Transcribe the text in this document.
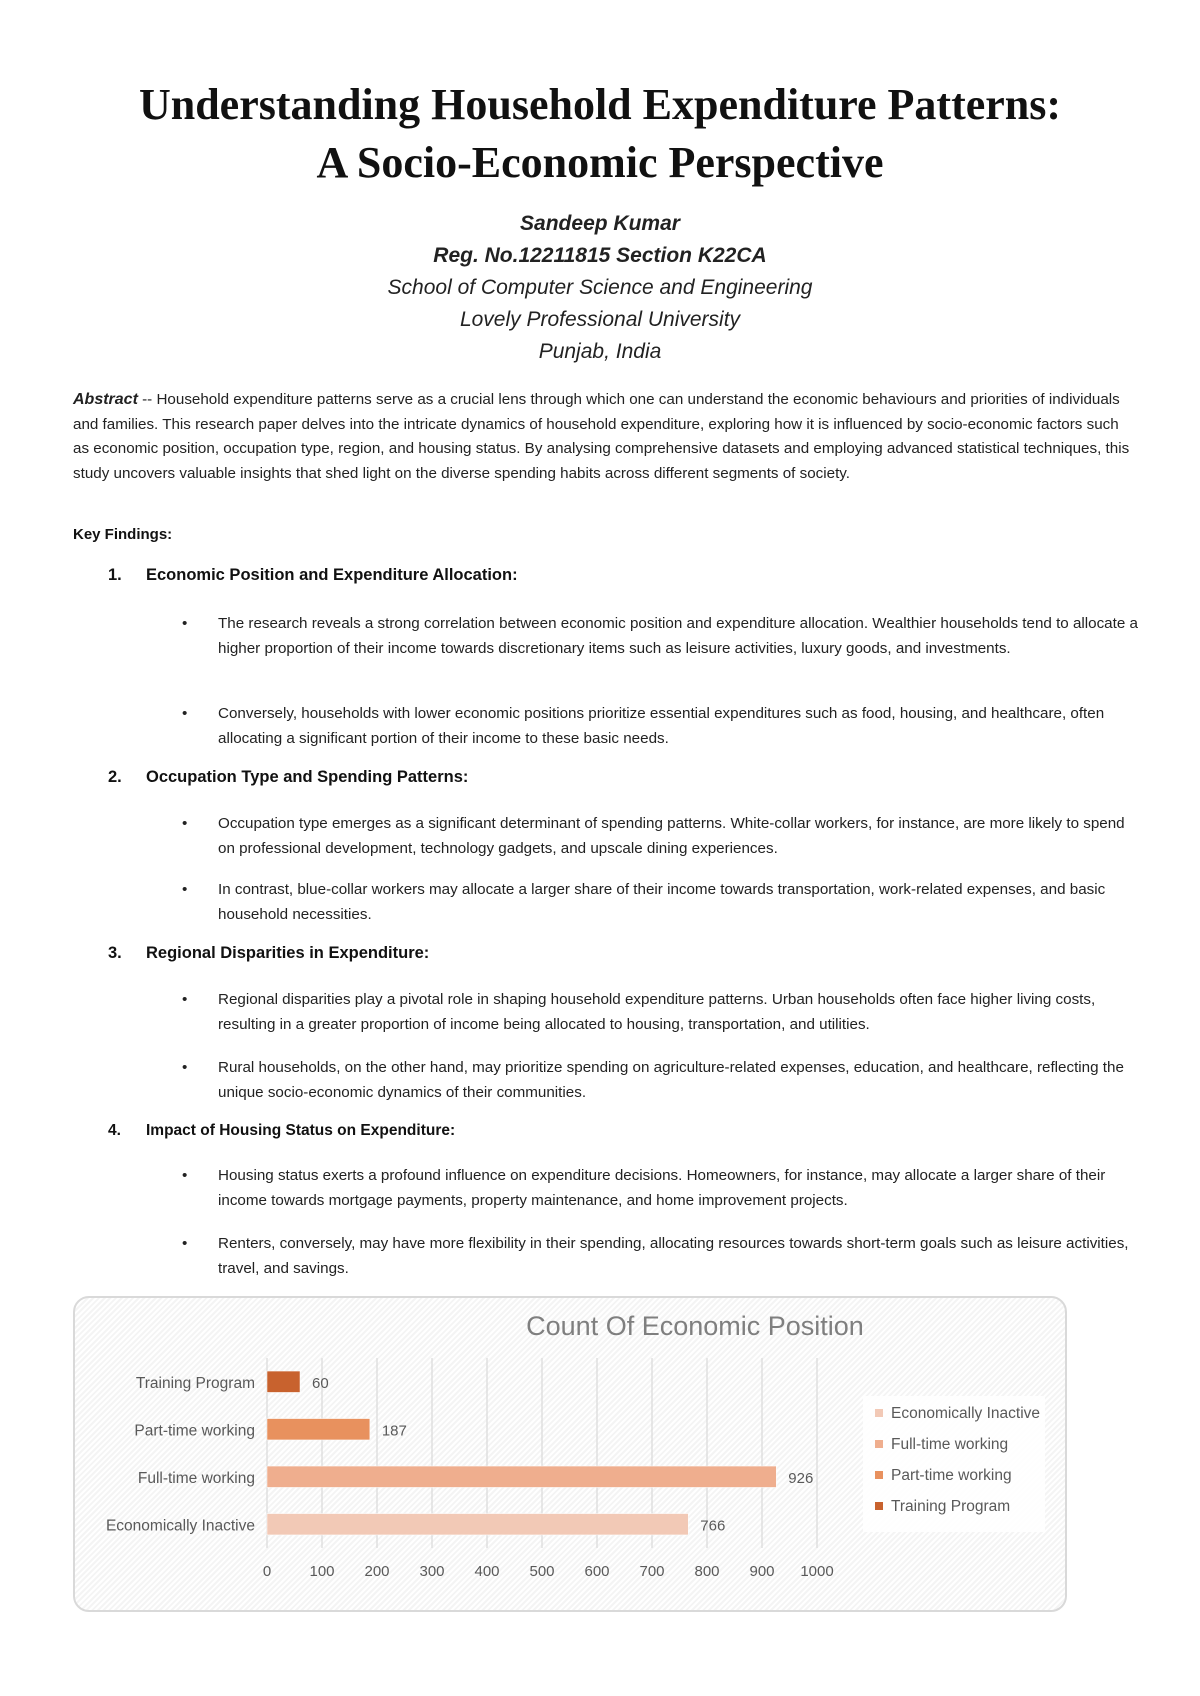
Understanding Household Expenditure Patterns:
A Socio-Economic Perspective
Sandeep Kumar
Reg. No.12211815 Section K22CA
School of Computer Science and Engineering
Lovely Professional University
Punjab, India
Abstract -- Household expenditure patterns serve as a crucial lens through which one can understand the economic behaviours and priorities of individuals and families. This research paper delves into the intricate dynamics of household expenditure, exploring how it is influenced by socio-economic factors such as economic position, occupation type, region, and housing status. By analysing comprehensive datasets and employing advanced statistical techniques, this study uncovers valuable insights that shed light on the diverse spending habits across different segments of society.
Key Findings:
1. Economic Position and Expenditure Allocation:
• The research reveals a strong correlation between economic position and expenditure allocation. Wealthier households tend to allocate a higher proportion of their income towards discretionary items such as leisure activities, luxury goods, and investments.
• Conversely, households with lower economic positions prioritize essential expenditures such as food, housing, and healthcare, often allocating a significant portion of their income to these basic needs.
2. Occupation Type and Spending Patterns:
• Occupation type emerges as a significant determinant of spending patterns. White-collar workers, for instance, are more likely to spend on professional development, technology gadgets, and upscale dining experiences.
• In contrast, blue-collar workers may allocate a larger share of their income towards transportation, work-related expenses, and basic household necessities.
3. Regional Disparities in Expenditure:
• Regional disparities play a pivotal role in shaping household expenditure patterns. Urban households often face higher living costs, resulting in a greater proportion of income being allocated to housing, transportation, and utilities.
• Rural households, on the other hand, may prioritize spending on agriculture-related expenses, education, and healthcare, reflecting the unique socio-economic dynamics of their communities.
4. Impact of Housing Status on Expenditure:
• Housing status exerts a profound influence on expenditure decisions. Homeowners, for instance, may allocate a larger share of their income towards mortgage payments, property maintenance, and home improvement projects.
• Renters, conversely, may have more flexibility in their spending, allocating resources towards short-term goals such as leisure activities, travel, and savings.
Count Of Economic Position
0	100 200 300 400 500 600 700 800 900 1000
Economically Inactive	766
Full-time working	926
Part-time working	187
Training Program	60
Economically Inactive
Full-time working
Part-time working
Training Program
